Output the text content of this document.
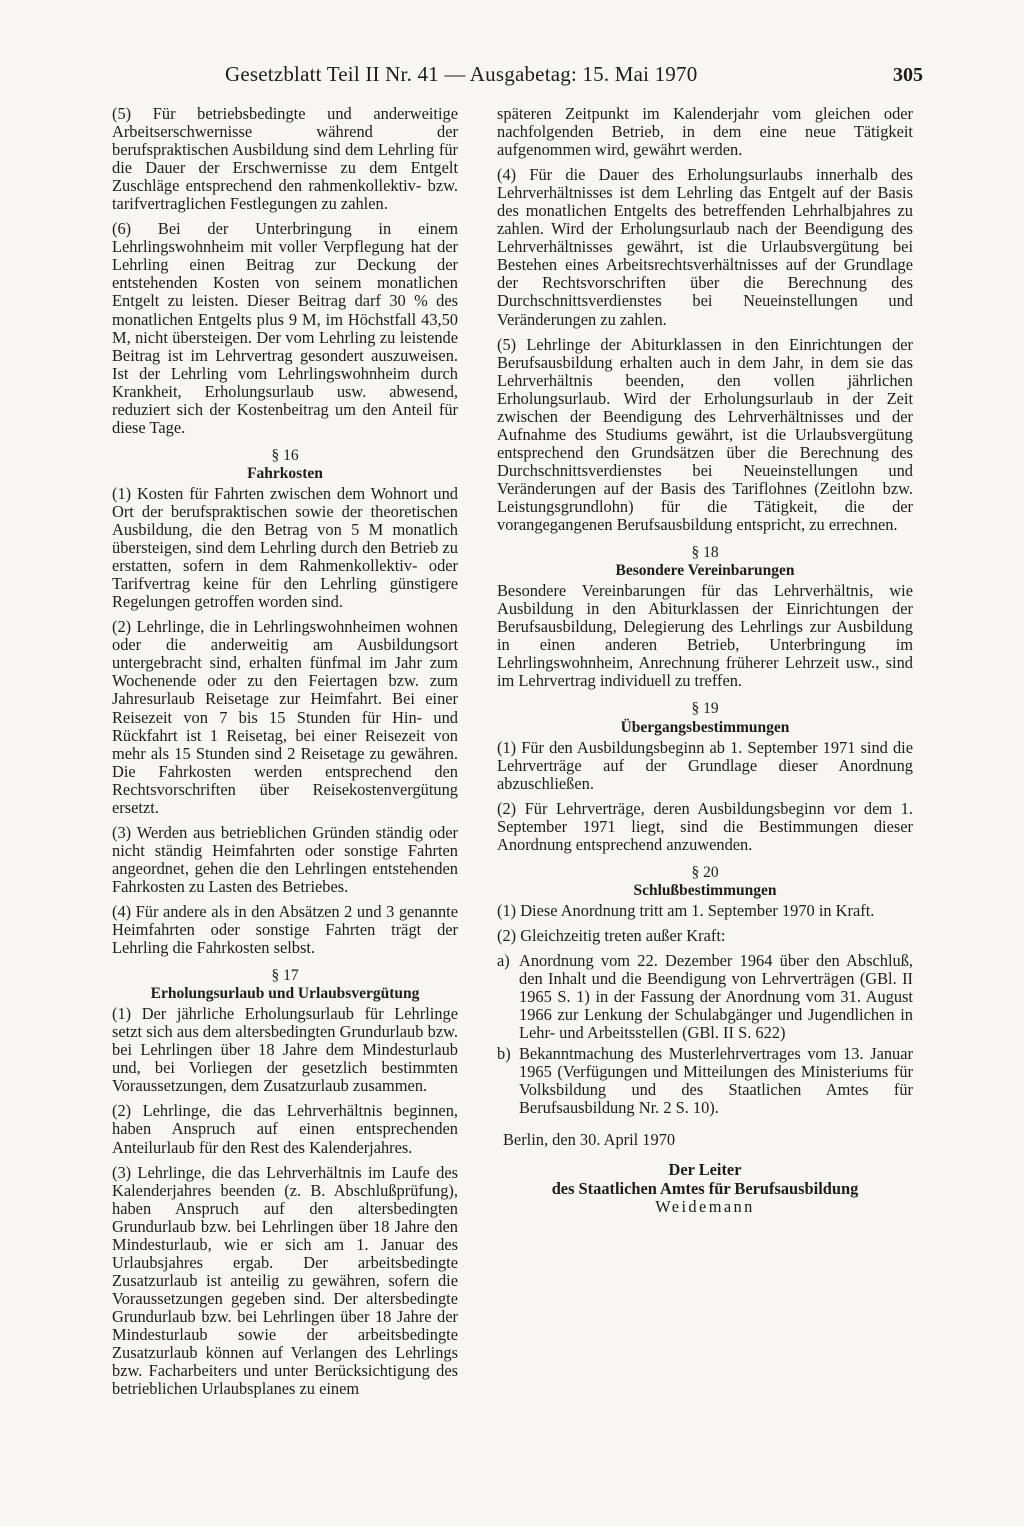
Gesetzblatt Teil II Nr. 41 — Ausgabetag: 15. Mai 1970	305

(5) Für betriebsbedingte und anderweitige Arbeitserschwernisse während der berufspraktischen Ausbildung sind dem Lehrling für die Dauer der Erschwernisse zu dem Entgelt Zuschläge entsprechend den rahmenkollektiv- bzw. tarifvertraglichen Festlegungen zu zahlen.

(6) Bei der Unterbringung in einem Lehrlingswohnheim mit voller Verpflegung hat der Lehrling einen Beitrag zur Deckung der entstehenden Kosten von seinem monatlichen Entgelt zu leisten. Dieser Beitrag darf 30 % des monatlichen Entgelts plus 9 M, im Höchstfall 43,50 M, nicht übersteigen. Der vom Lehrling zu leistende Beitrag ist im Lehrvertrag gesondert auszuweisen. Ist der Lehrling vom Lehrlingswohnheim durch Krankheit, Erholungsurlaub usw. abwesend, reduziert sich der Kostenbeitrag um den Anteil für diese Tage.

§ 16

Fahrkosten

(1) Kosten für Fahrten zwischen dem Wohnort und Ort der berufspraktischen sowie der theoretischen Ausbildung, die den Betrag von 5 M monatlich übersteigen, sind dem Lehrling durch den Betrieb zu erstatten, sofern in dem Rahmenkollektiv- oder Tarifvertrag keine für den Lehrling günstigere Regelungen getroffen worden sind.

(2) Lehrlinge, die in Lehrlingswohnheimen wohnen oder die anderweitig am Ausbildungsort untergebracht sind, erhalten fünfmal im Jahr zum Wochenende oder zu den Feiertagen bzw. zum Jahresurlaub Reisetage zur Heimfahrt. Bei einer Reisezeit von 7 bis 15 Stunden für Hin- und Rückfahrt ist 1 Reisetag, bei einer Reisezeit von mehr als 15 Stunden sind 2 Reisetage zu gewähren. Die Fahrkosten werden entsprechend den Rechtsvorschriften über Reisekostenvergütung ersetzt.

(3) Werden aus betrieblichen Gründen ständig oder nicht ständig Heimfahrten oder sonstige Fahrten angeordnet, gehen die den Lehrlingen entstehenden Fahrkosten zu Lasten des Betriebes.

(4) Für andere als in den Absätzen 2 und 3 genannte Heimfahrten oder sonstige Fahrten trägt der Lehrling die Fahrkosten selbst.

§ 17

Erholungsurlaub und Urlaubsvergütung

(1) Der jährliche Erholungsurlaub für Lehrlinge setzt sich aus dem altersbedingten Grundurlaub bzw. bei Lehrlingen über 18 Jahre dem Mindesturlaub und, bei Vorliegen der gesetzlich bestimmten Voraussetzungen, dem Zusatzurlaub zusammen.

(2) Lehrlinge, die das Lehrverhältnis beginnen, haben Anspruch auf einen entsprechenden Anteilurlaub für den Rest des Kalenderjahres.

(3) Lehrlinge, die das Lehrverhältnis im Laufe des Kalenderjahres beenden (z. B. Abschlußprüfung), haben Anspruch auf den altersbedingten Grundurlaub bzw. bei Lehrlingen über 18 Jahre den Mindesturlaub, wie er sich am 1. Januar des Urlaubsjahres ergab. Der arbeitsbedingte Zusatzurlaub ist anteilig zu gewähren, sofern die Voraussetzungen gegeben sind. Der altersbedingte Grundurlaub bzw. bei Lehrlingen über 18 Jahre der Mindesturlaub sowie der arbeitsbedingte Zusatzurlaub können auf Verlangen des Lehrlings bzw. Facharbeiters und unter Berücksichtigung des betrieblichen Urlaubsplanes zu einem

späteren Zeitpunkt im Kalenderjahr vom gleichen oder nachfolgenden Betrieb, in dem eine neue Tätigkeit aufgenommen wird, gewährt werden.

(4) Für die Dauer des Erholungsurlaubs innerhalb des Lehrverhältnisses ist dem Lehrling das Entgelt auf der Basis des monatlichen Entgelts des betreffenden Lehrhalbjahres zu zahlen. Wird der Erholungsurlaub nach der Beendigung des Lehrverhältnisses gewährt, ist die Urlaubsvergütung bei Bestehen eines Arbeitsrechtsverhältnisses auf der Grundlage der Rechtsvorschriften über die Berechnung des Durchschnittsverdienstes bei Neueinstellungen und Veränderungen zu zahlen.

(5) Lehrlinge der Abiturklassen in den Einrichtungen der Berufsausbildung erhalten auch in dem Jahr, in dem sie das Lehrverhältnis beenden, den vollen jährlichen Erholungsurlaub. Wird der Erholungsurlaub in der Zeit zwischen der Beendigung des Lehrverhältnisses und der Aufnahme des Studiums gewährt, ist die Urlaubsvergütung entsprechend den Grundsätzen über die Berechnung des Durchschnittsverdienstes bei Neueinstellungen und Veränderungen auf der Basis des Tariflohnes (Zeitlohn bzw. Leistungsgrundlohn) für die Tätigkeit, die der vorangegangenen Berufsausbildung entspricht, zu errechnen.

§ 18

Besondere Vereinbarungen

Besondere Vereinbarungen für das Lehrverhältnis, wie Ausbildung in den Abiturklassen der Einrichtungen der Berufsausbildung, Delegierung des Lehrlings zur Ausbildung in einen anderen Betrieb, Unterbringung im Lehrlingswohnheim, Anrechnung früherer Lehrzeit usw., sind im Lehrvertrag individuell zu treffen.

§ 19

Übergangsbestimmungen

(1) Für den Ausbildungsbeginn ab 1. September 1971 sind die Lehrverträge auf der Grundlage dieser Anordnung abzuschließen.

(2) Für Lehrverträge, deren Ausbildungsbeginn vor dem 1. September 1971 liegt, sind die Bestimmungen dieser Anordnung entsprechend anzuwenden.

§ 20

Schlußbestimmungen

(1) Diese Anordnung tritt am 1. September 1970 in Kraft.

(2) Gleichzeitig treten außer Kraft:

a) Anordnung vom 22. Dezember 1964 über den Abschluß, den Inhalt und die Beendigung von Lehrverträgen (GBl. II 1965 S. 1) in der Fassung der Anordnung vom 31. August 1966 zur Lenkung der Schulabgänger und Jugendlichen in Lehr- und Arbeitsstellen (GBl. II S. 622)
b) Bekanntmachung des Musterlehrvertrages vom 13. Januar 1965 (Verfügungen und Mitteilungen des Ministeriums für Volksbildung und des Staatlichen Amtes für Berufsausbildung Nr. 2 S. 10).

Berlin, den 30. April 1970

Der Leiter

des Staatlichen Amtes für Berufsausbildung

Weidemann
